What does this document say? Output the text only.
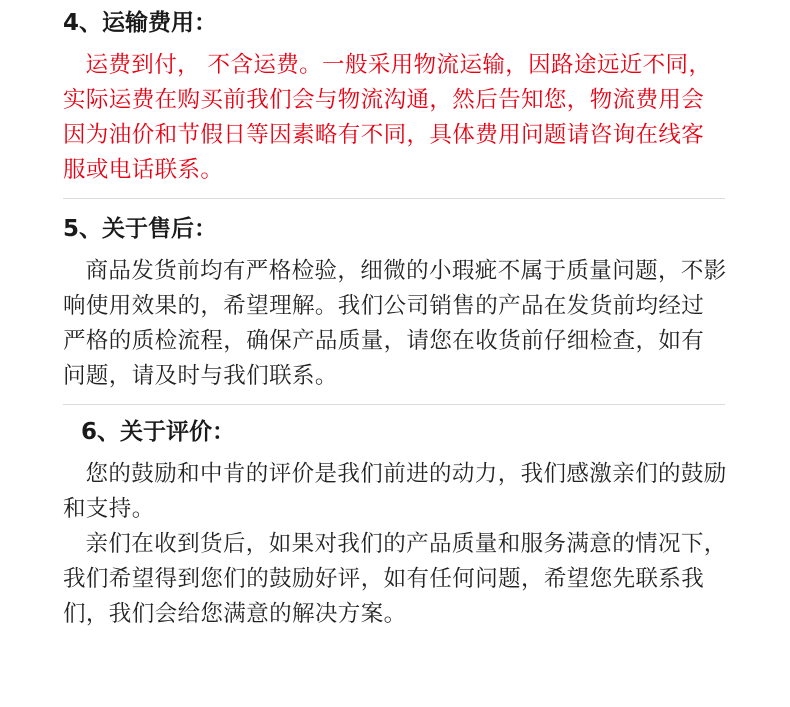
4、运输费用：

运费到付， 不含运费。一般采用物流运输，因路途远近不同，实际运费在购买前我们会与物流沟通，然后告知您，物流费用会因为油价和节假日等因素略有不同，具体费用问题请咨询在线客服或电话联系。

5、关于售后：

商品发货前均有严格检验，细微的小瑕疵不属于质量问题，不影响使用效果的，希望理解。我们公司销售的产品在发货前均经过严格的质检流程，确保产品质量，请您在收货前仔细检查，如有问题，请及时与我们联系。

6、关于评价：

您的鼓励和中肯的评价是我们前进的动力，我们感激亲们的鼓励和支持。

亲们在收到货后，如果对我们的产品质量和服务满意的情况下，我们希望得到您们的鼓励好评，如有任何问题，希望您先联系我们，我们会给您满意的解决方案。
